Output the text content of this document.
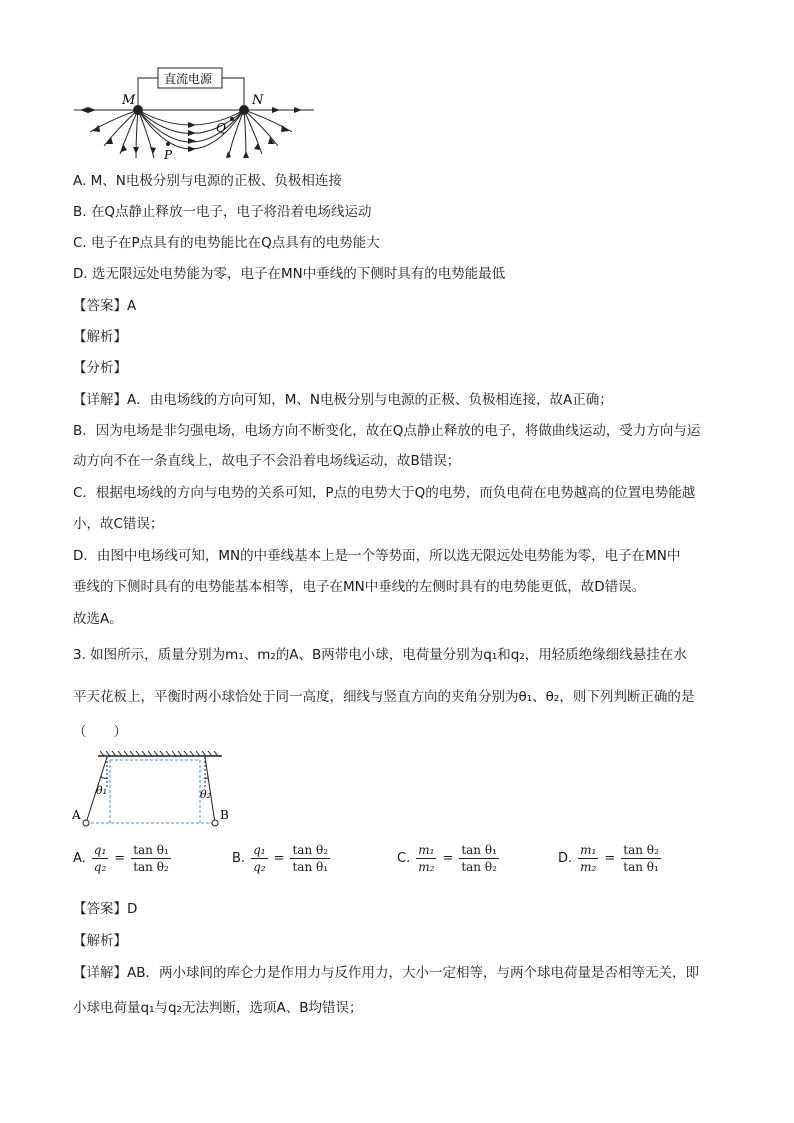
M	N
P
Q
直流电源
A. M、N电极分别与电源的正极、负极相连接
B. 在Q点静止释放一电子，电子将沿着电场线运动
C. 电子在P点具有的电势能比在Q点具有的电势能大
D. 选无限远处电势能为零，电子在MN中垂线的下侧时具有的电势能最低
【答案】A
【解析】
【分析】
【详解】A．由电场线的方向可知，M、N电极分别与电源的正极、负极相连接，故A正确；
B．因为电场是非匀强电场，电场方向不断变化，故在Q点静止释放的电子，将做曲线运动，受力方向与运
动方向不在一条直线上，故电子不会沿着电场线运动，故B错误；
C．根据电场线的方向与电势的关系可知，P点的电势大于Q的电势，而负电荷在电势越高的位置电势能越
小，故C错误；
D．由图中电场线可知，MN的中垂线基本上是一个等势面，所以选无限远处电势能为零，电子在MN中
垂线的下侧时具有的电势能基本相等，电子在MN中垂线的左侧时具有的电势能更低，故D错误。
故选A。
3. 如图所示，质量分别为m₁、m₂的A、B两带电小球，电荷量分别为q₁和q₂，用轻质绝缘细线悬挂在水
平天花板上，平衡时两小球恰处于同一高度，细线与竖直方向的夹角分别为θ₁、θ₂，则下列判断正确的是
（　　）
A	B
θ₁	θ₂
A. $\frac{\text{q₁}}{\text{q₂}} = \frac{\text{tan θ₁}}{\text{tan θ₂}}$	B. $\frac{\text{q₁}}{\text{q₂}} = \frac{\text{tan θ₂}}{\text{tan θ₁}}$	C. $\frac{\text{m₁}}{\text{m₂}} = \frac{\text{tan θ₁}}{\text{tan θ₂}}$	D. $\frac{\text{m₁}}{\text{m₂}} = \frac{\text{tan θ₂}}{\text{tan θ₁}}$
【答案】D
【解析】
【详解】AB．两小球间的库仑力是作用力与反作用力，大小一定相等，与两个球电荷量是否相等无关，即
小球电荷量q₁与q₂无法判断，选项A、B均错误；
